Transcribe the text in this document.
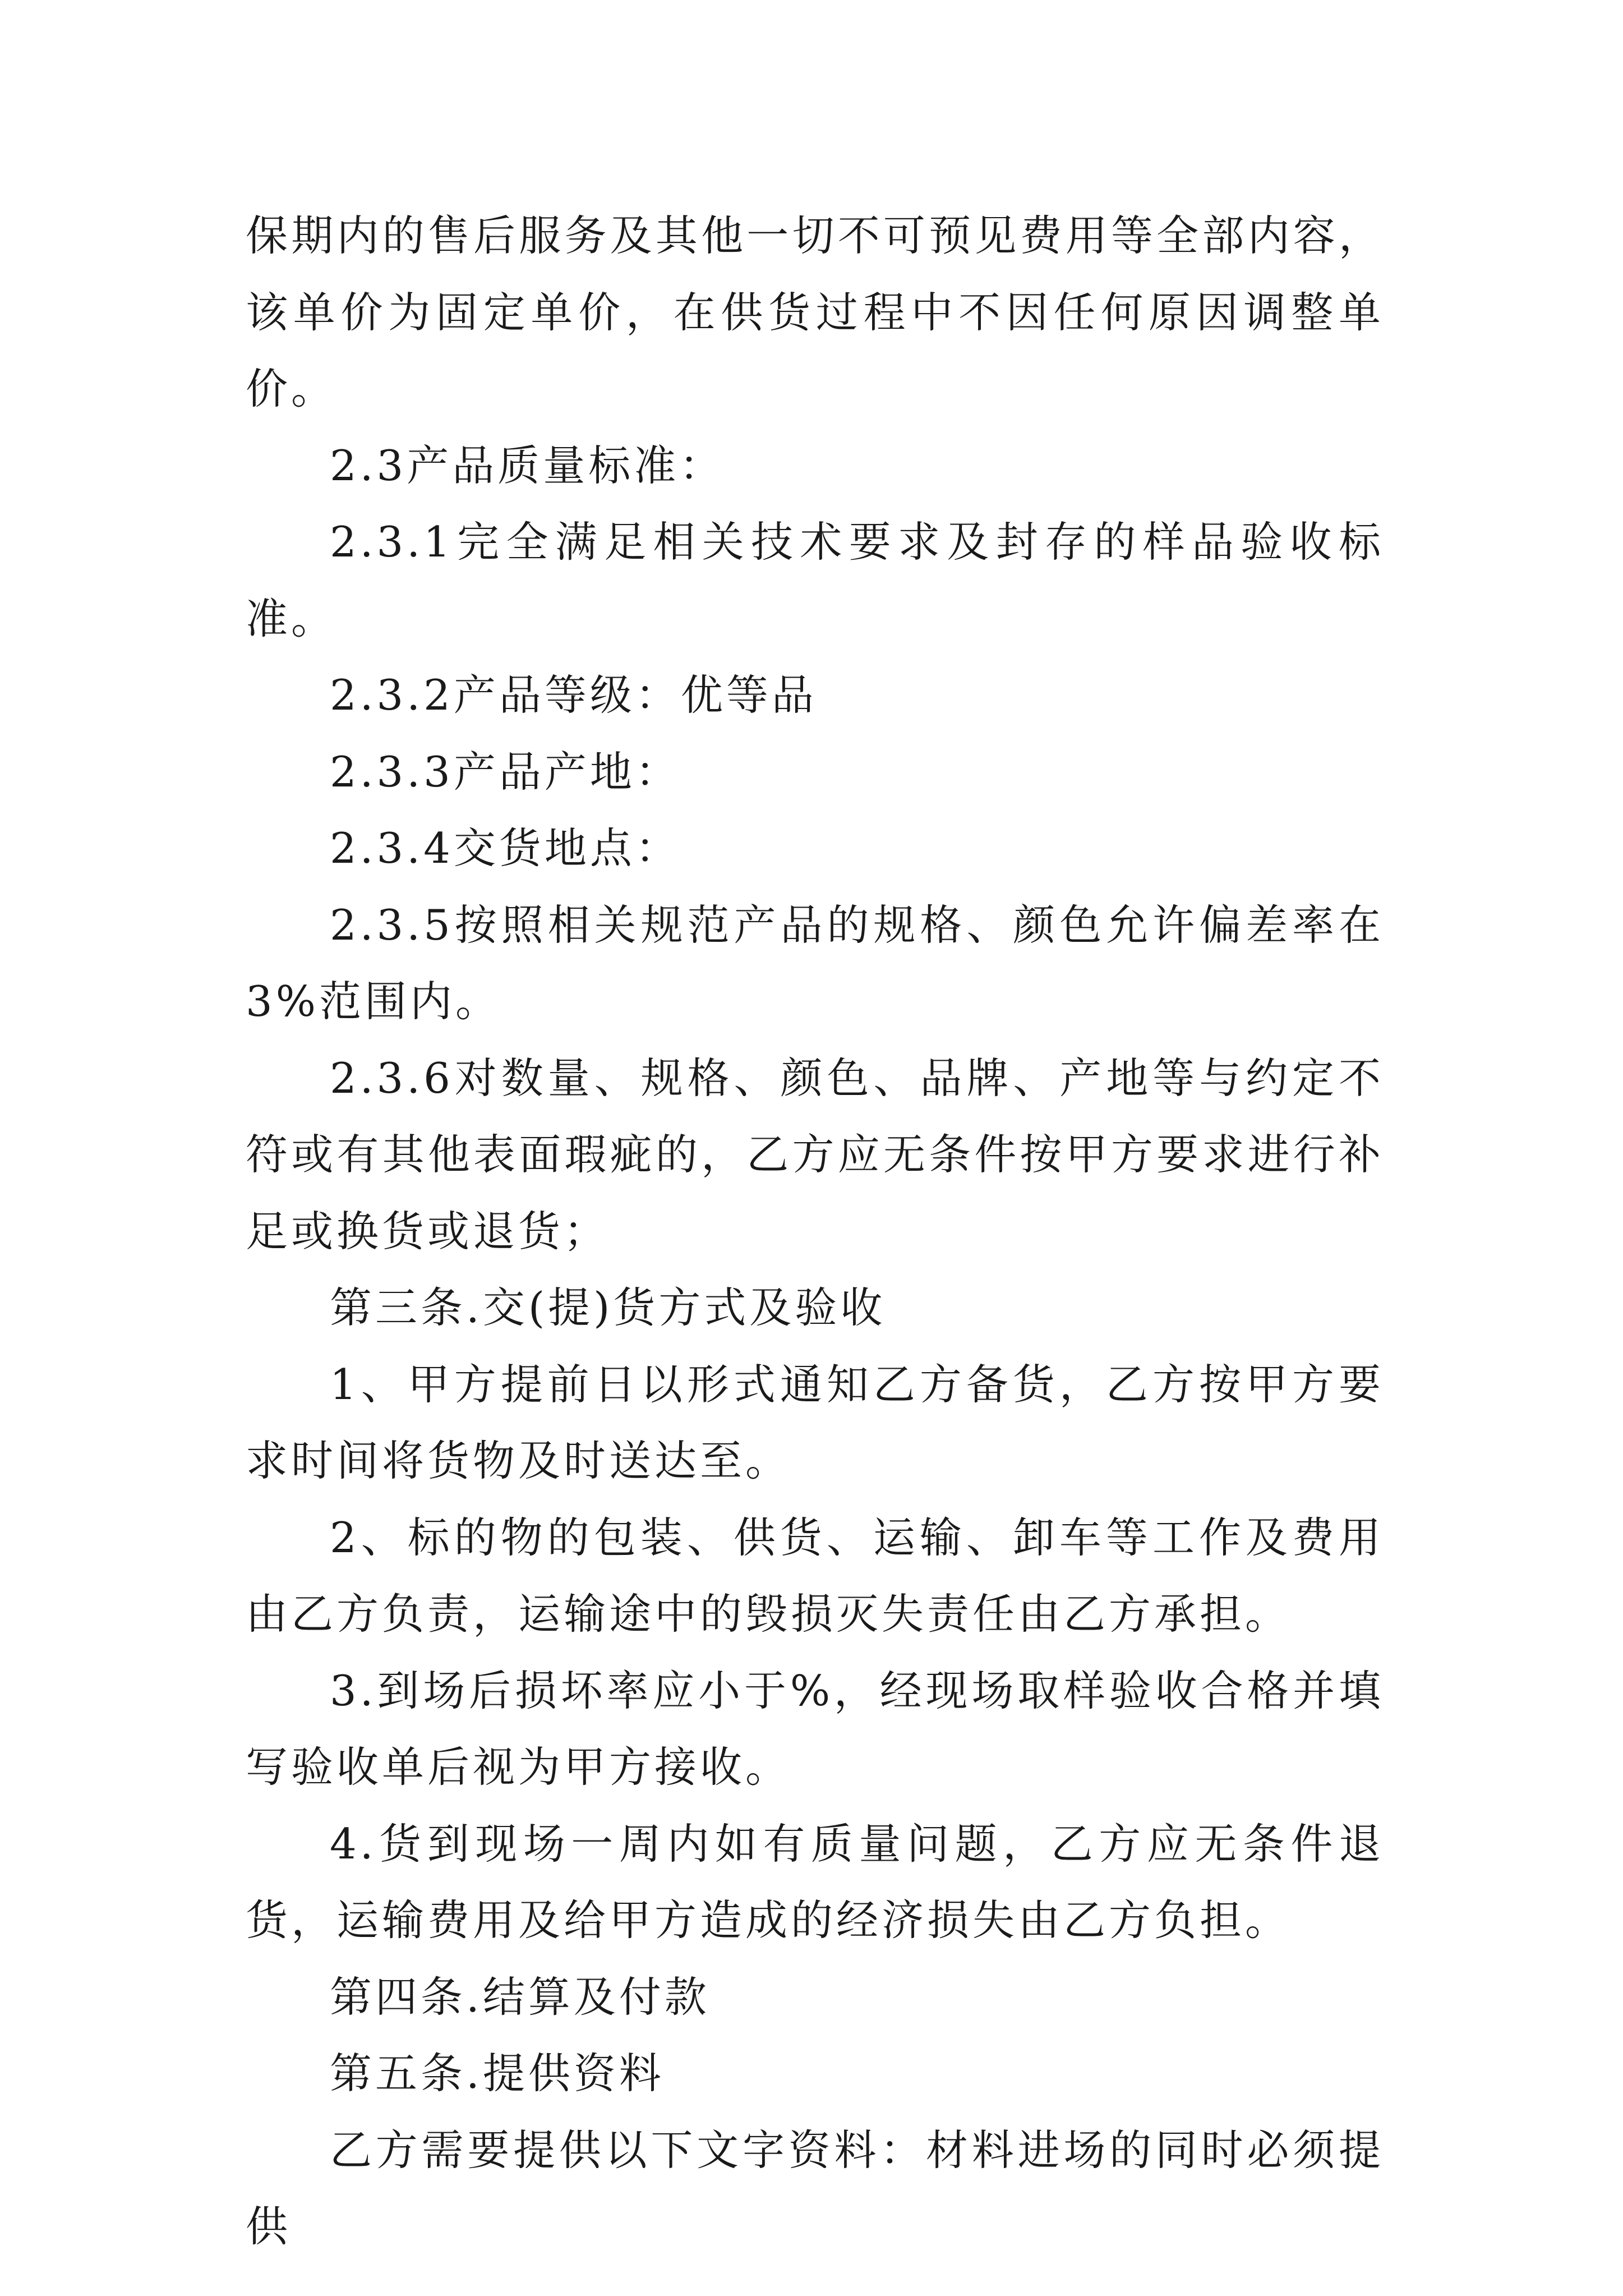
保期内的售后服务及其他一切不可预见费用等全部内容，该单价为固定单价，在供货过程中不因任何原因调整单价。

2.3产品质量标准：

2.3.1完全满足相关技术要求及封存的样品验收标准。

2.3.2产品等级：优等品

2.3.3产品产地：

2.3.4交货地点：

2.3.5按照相关规范产品的规格、颜色允许偏差率在3%范围内。

2.3.6对数量、规格、颜色、品牌、产地等与约定不符或有其他表面瑕疵的，乙方应无条件按甲方要求进行补足或换货或退货；

第三条.交(提)货方式及验收

1、甲方提前日以形式通知乙方备货，乙方按甲方要求时间将货物及时送达至。

2、标的物的包装、供货、运输、卸车等工作及费用由乙方负责，运输途中的毁损灭失责任由乙方承担。

3.到场后损坏率应小于%，经现场取样验收合格并填写验收单后视为甲方接收。

4.货到现场一周内如有质量问题，乙方应无条件退货，运输费用及给甲方造成的经济损失由乙方负担。

第四条.结算及付款

第五条.提供资料

乙方需要提供以下文字资料：材料进场的同时必须提供
